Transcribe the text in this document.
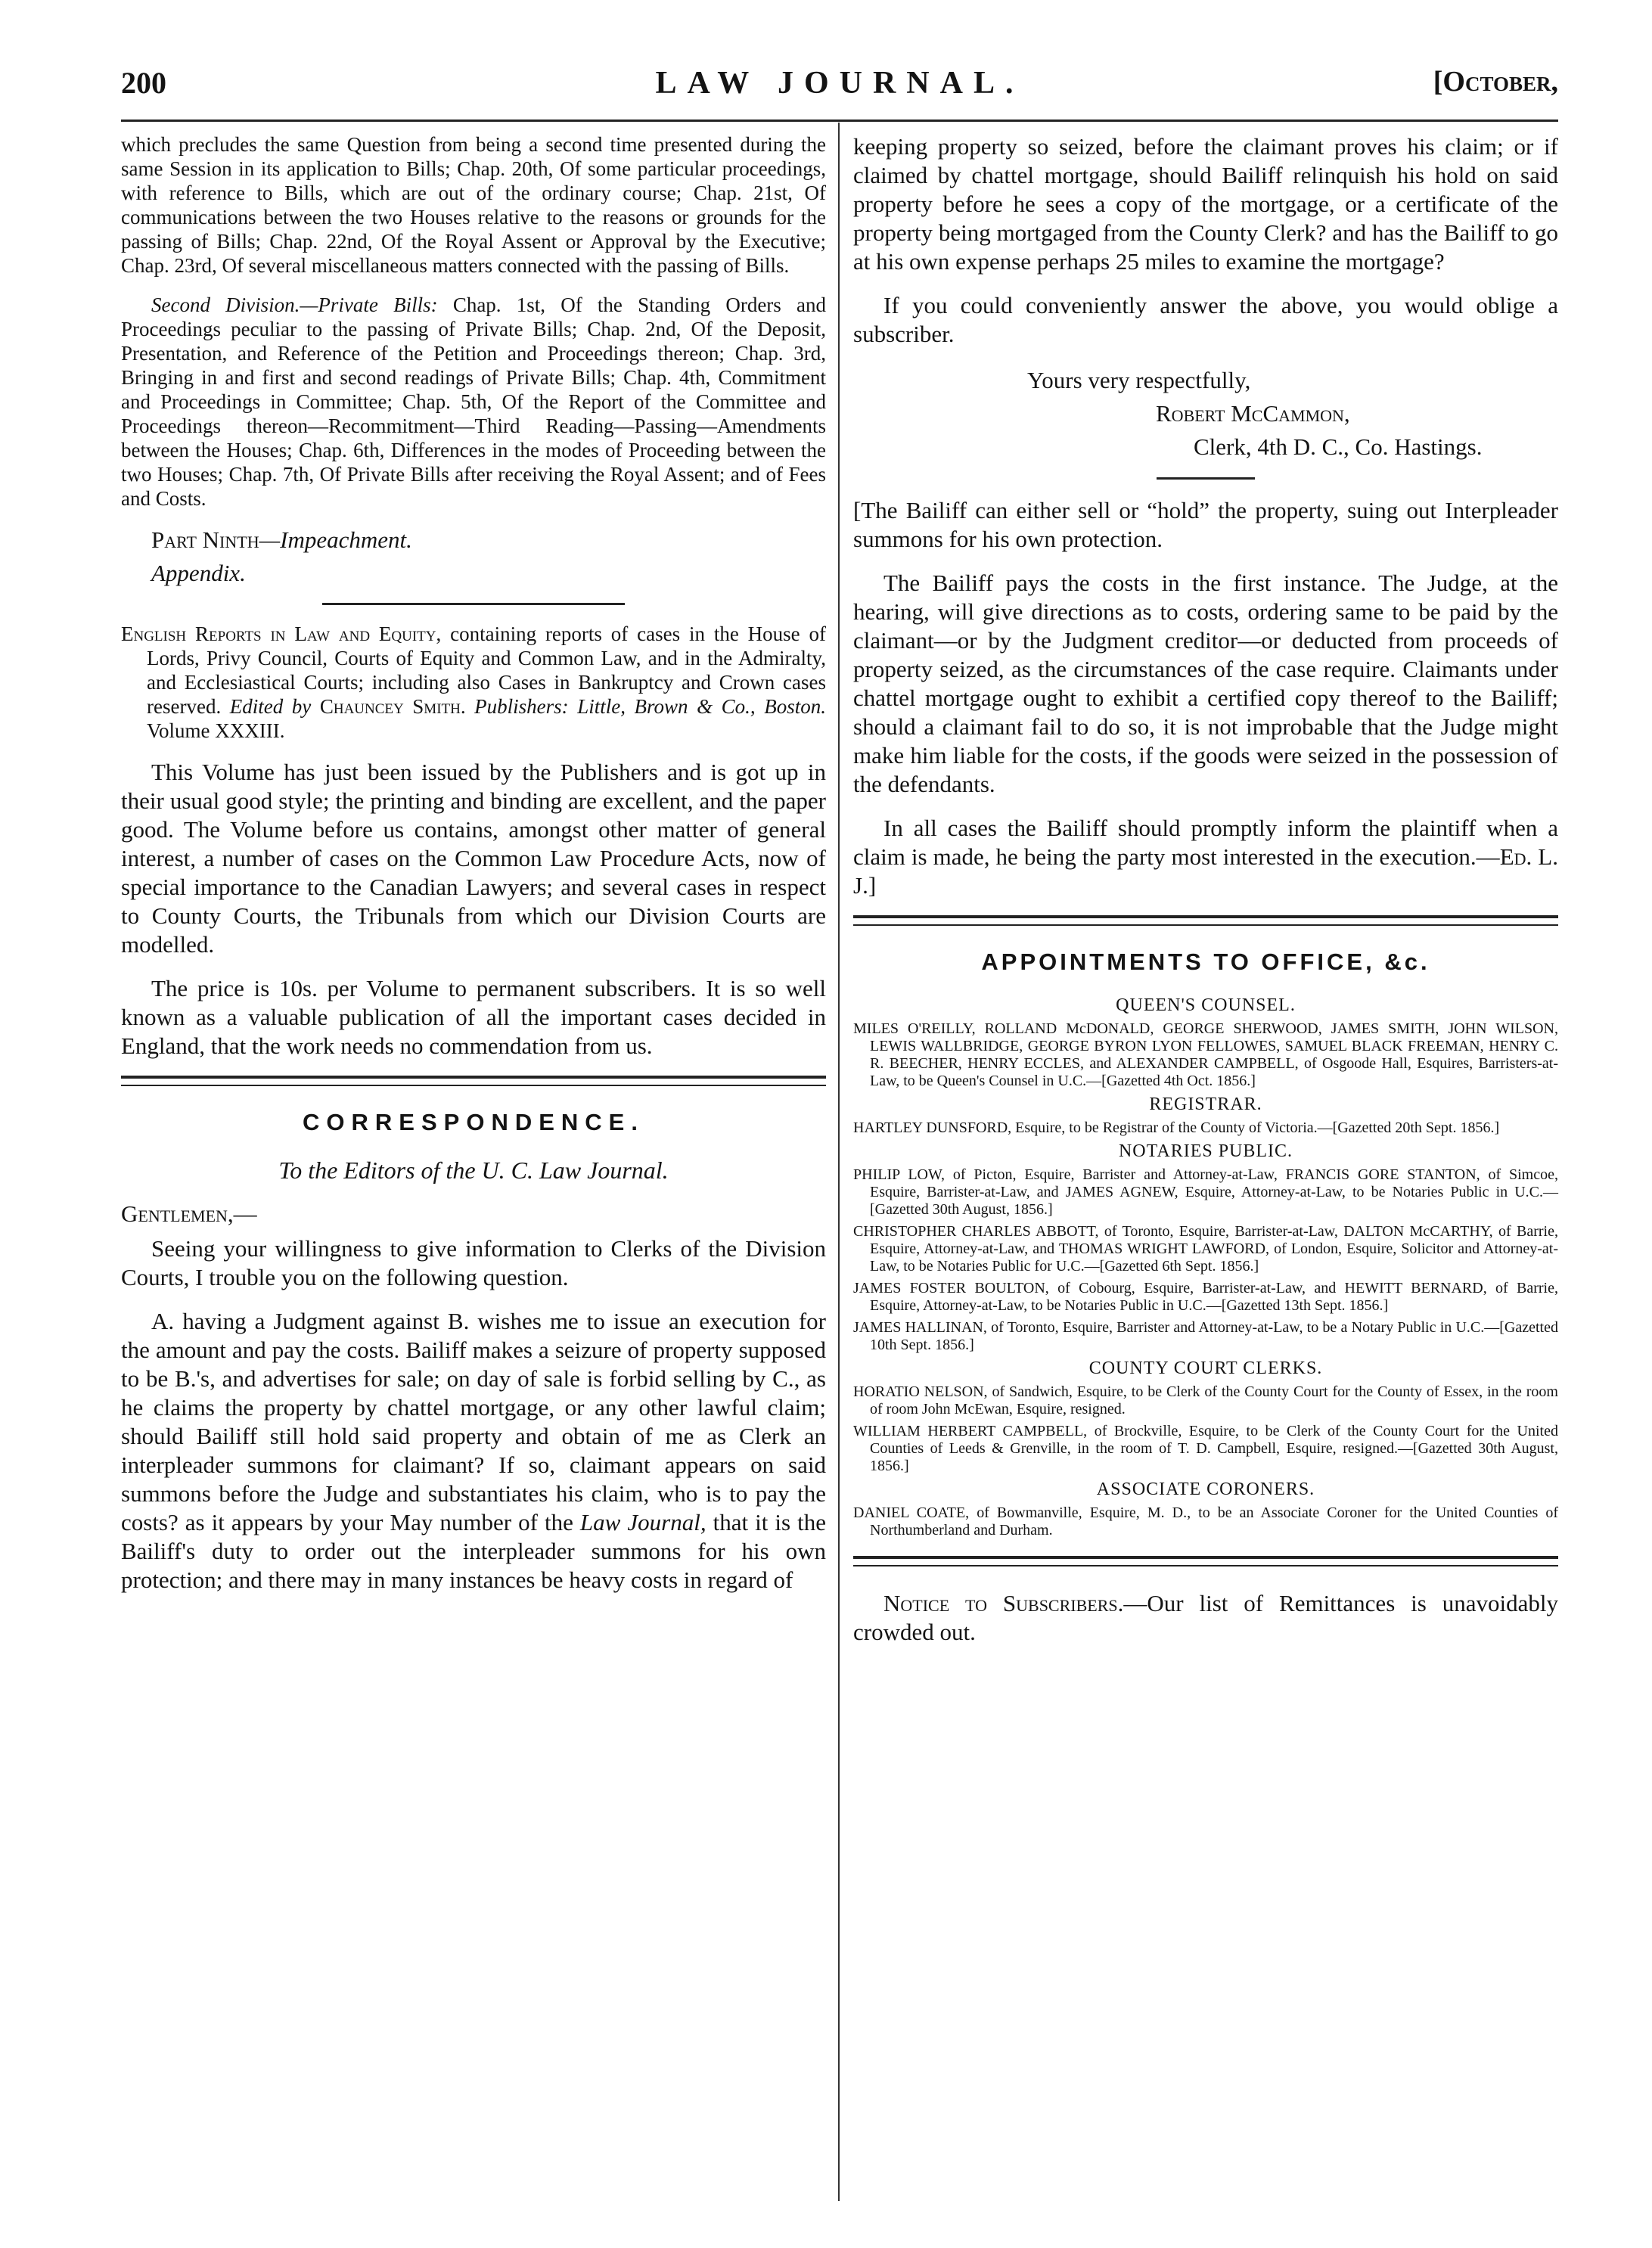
200	LAW JOURNAL.	[October,

which precludes the same Question from being a second time presented during the same Session in its application to Bills; Chap. 20th, Of some particular proceedings, with reference to Bills, which are out of the ordinary course; Chap. 21st, Of communications between the two Houses relative to the reasons or grounds for the passing of Bills; Chap. 22nd, Of the Royal Assent or Approval by the Executive; Chap. 23rd, Of several miscellaneous matters connected with the passing of Bills.

Second Division.—Private Bills: Chap. 1st, Of the Standing Orders and Proceedings peculiar to the passing of Private Bills; Chap. 2nd, Of the Deposit, Presentation, and Reference of the Petition and Proceedings thereon; Chap. 3rd, Bringing in and first and second readings of Private Bills; Chap. 4th, Commitment and Proceedings in Committee; Chap. 5th, Of the Report of the Committee and Proceedings thereon—Recommitment—Third Reading—Passing—Amendments between the Houses; Chap. 6th, Differences in the modes of Proceeding between the two Houses; Chap. 7th, Of Private Bills after receiving the Royal Assent; and of Fees and Costs.

Part Ninth—Impeachment.

Appendix.

English Reports in Law and Equity, containing reports of cases in the House of Lords, Privy Council, Courts of Equity and Common Law, and in the Admiralty, and Ecclesiastical Courts; including also Cases in Bankruptcy and Crown cases reserved. Edited by Chauncey Smith. Publishers: Little, Brown & Co., Boston. Volume XXXIII.

This Volume has just been issued by the Publishers and is got up in their usual good style; the printing and binding are excellent, and the paper good. The Volume before us contains, amongst other matter of general interest, a number of cases on the Common Law Procedure Acts, now of special importance to the Canadian Lawyers; and several cases in respect to County Courts, the Tribunals from which our Division Courts are modelled.

The price is 10s. per Volume to permanent subscribers. It is so well known as a valuable publication of all the important cases decided in England, that the work needs no commendation from us.

CORRESPONDENCE.

To the Editors of the U. C. Law Journal.

Gentlemen,—

Seeing your willingness to give information to Clerks of the Division Courts, I trouble you on the following question.

A. having a Judgment against B. wishes me to issue an execution for the amount and pay the costs. Bailiff makes a seizure of property supposed to be B.'s, and advertises for sale; on day of sale is forbid selling by C., as he claims the property by chattel mortgage, or any other lawful claim; should Bailiff still hold said property and obtain of me as Clerk an interpleader summons for claimant? If so, claimant appears on said summons before the Judge and substantiates his claim, who is to pay the costs? as it appears by your May number of the Law Journal, that it is the Bailiff's duty to order out the interpleader summons for his own protection; and there may in many instances be heavy costs in regard of

keeping property so seized, before the claimant proves his claim; or if claimed by chattel mortgage, should Bailiff relinquish his hold on said property before he sees a copy of the mortgage, or a certificate of the property being mortgaged from the County Clerk? and has the Bailiff to go at his own expense perhaps 25 miles to examine the mortgage?

If you could conveniently answer the above, you would oblige a subscriber.

Yours very respectfully,
Robert McCammon,
Clerk, 4th D. C., Co. Hastings.

[The Bailiff can either sell or “hold” the property, suing out Interpleader summons for his own protection.

The Bailiff pays the costs in the first instance. The Judge, at the hearing, will give directions as to costs, ordering same to be paid by the claimant—or by the Judgment creditor—or deducted from proceeds of property seized, as the circumstances of the case require. Claimants under chattel mortgage ought to exhibit a certified copy thereof to the Bailiff; should a claimant fail to do so, it is not improbable that the Judge might make him liable for the costs, if the goods were seized in the possession of the defendants.

In all cases the Bailiff should promptly inform the plaintiff when a claim is made, he being the party most interested in the execution.—Ed. L. J.]

APPOINTMENTS TO OFFICE, &c.
QUEEN'S COUNSEL.

MILES O'REILLY, ROLLAND McDONALD, GEORGE SHERWOOD, JAMES SMITH, JOHN WILSON, LEWIS WALLBRIDGE, GEORGE BYRON LYON FELLOWES, SAMUEL BLACK FREEMAN, HENRY C. R. BEECHER, HENRY ECCLES, and ALEXANDER CAMPBELL, of Osgoode Hall, Esquires, Barristers-at-Law, to be Queen's Counsel in U.C.—[Gazetted 4th Oct. 1856.]

REGISTRAR.

HARTLEY DUNSFORD, Esquire, to be Registrar of the County of Victoria.—[Gazetted 20th Sept. 1856.]

NOTARIES PUBLIC.

PHILIP LOW, of Picton, Esquire, Barrister and Attorney-at-Law, FRANCIS GORE STANTON, of Simcoe, Esquire, Barrister-at-Law, and JAMES AGNEW, Esquire, Attorney-at-Law, to be Notaries Public in U.C.—[Gazetted 30th August, 1856.]

CHRISTOPHER CHARLES ABBOTT, of Toronto, Esquire, Barrister-at-Law, DALTON McCARTHY, of Barrie, Esquire, Attorney-at-Law, and THOMAS WRIGHT LAWFORD, of London, Esquire, Solicitor and Attorney-at-Law, to be Notaries Public for U.C.—[Gazetted 6th Sept. 1856.]

JAMES FOSTER BOULTON, of Cobourg, Esquire, Barrister-at-Law, and HEWITT BERNARD, of Barrie, Esquire, Attorney-at-Law, to be Notaries Public in U.C.—[Gazetted 13th Sept. 1856.]

JAMES HALLINAN, of Toronto, Esquire, Barrister and Attorney-at-Law, to be a Notary Public in U.C.—[Gazetted 10th Sept. 1856.]

COUNTY COURT CLERKS.

HORATIO NELSON, of Sandwich, Esquire, to be Clerk of the County Court for the County of Essex, in the room of room John McEwan, Esquire, resigned.

WILLIAM HERBERT CAMPBELL, of Brockville, Esquire, to be Clerk of the County Court for the United Counties of Leeds & Grenville, in the room of T. D. Campbell, Esquire, resigned.—[Gazetted 30th August, 1856.]

ASSOCIATE CORONERS.

DANIEL COATE, of Bowmanville, Esquire, M. D., to be an Associate Coroner for the United Counties of Northumberland and Durham.

Notice to Subscribers.—Our list of Remittances is unavoidably crowded out.
